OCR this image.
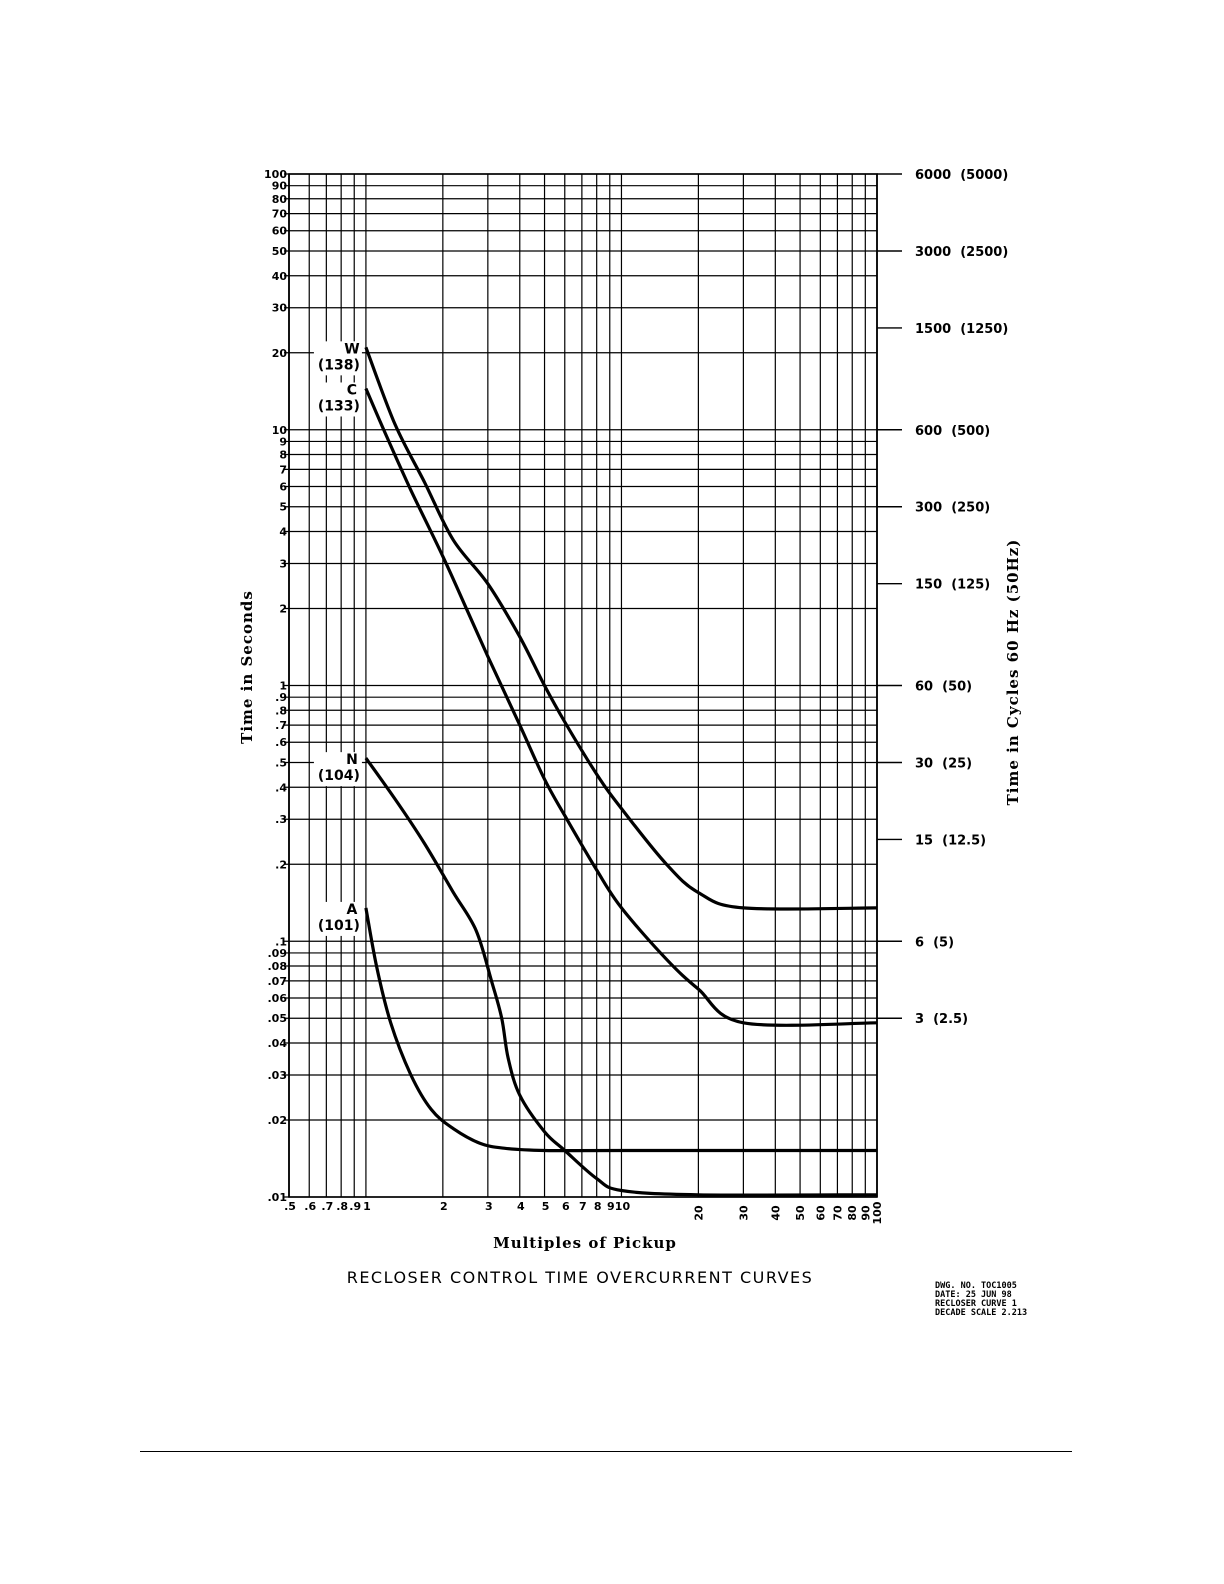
.5 .6 .7 .8 .9 1	2	3 4 5 6 7 8 9 10	20	30 40 50 60 70 80 90
100
100
90
80
70
60
50
40
30
20
10
9
8
7
6
5
4
3
2
1
.9
.8
.7
.6
.5
.4
.3
.2
.1
.09
.08
.07
.06
.05
.04
.03
.02
.01
6000  (5000)
3000  (2500)
1500  (1250)
600  (500)
300  (250)
150  (125)
60  (50)
30  (25)
15  (12.5)
6  (5)
3  (2.5)
W
(138)
C
(133)
N
(104)
A
(101)
Time in Seconds	Time in Cycles 60 Hz (50Hz)
Multiples of Pickup
RECLOSER CONTROL TIME OVERCURRENT CURVES	DWG. NO. TOC1005
DATE: 25 JUN 98
RECLOSER CURVE 1
DECADE SCALE 2.213
